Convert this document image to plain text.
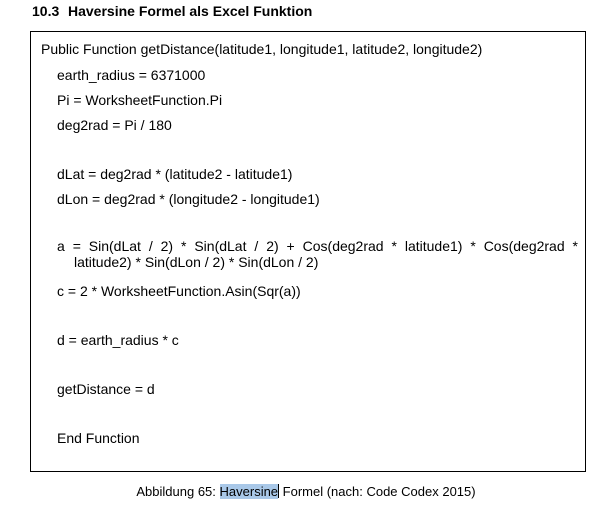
10.3 Haversine Formel als Excel Funktion
Public Function getDistance(latitude1, longitude1, latitude2, longitude2)
earth_radius = 6371000
Pi = WorksheetFunction.Pi
deg2rad = Pi / 180
dLat = deg2rad * (latitude2 - latitude1)
dLon = deg2rad * (longitude2 - longitude1)
a = Sin(dLat / 2) * Sin(dLat / 2) + Cos(deg2rad * latitude1) * Cos(deg2rad *
latitude2) * Sin(dLon / 2) * Sin(dLon / 2)
c = 2 * WorksheetFunction.Asin(Sqr(a))
d = earth_radius * c
getDistance = d
End Function
Abbildung 65: Haversine Formel (nach: Code Codex 2015)
